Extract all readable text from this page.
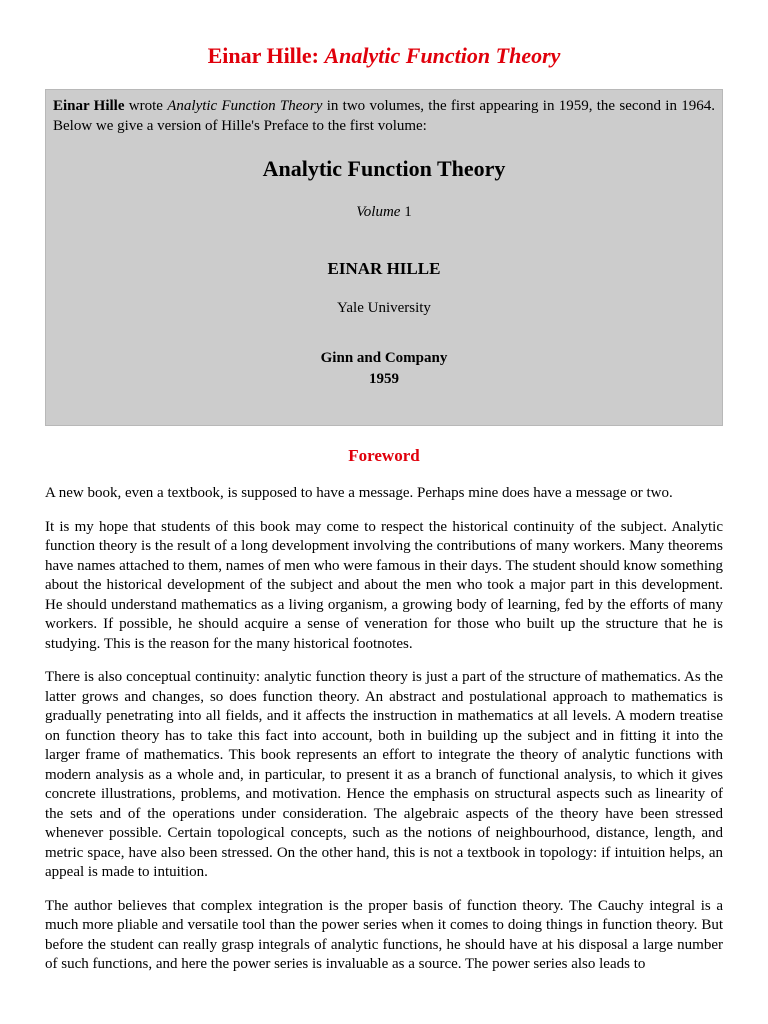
Einar Hille: Analytic Function Theory

Einar Hille wrote Analytic Function Theory in two volumes, the first appearing in 1959, the second in 1964. Below we give a version of Hille's Preface to the first volume:

Analytic Function Theory
Volume 1
EINAR HILLE
Yale University
Ginn and Company
1959
Foreword

A new book, even a textbook, is supposed to have a message. Perhaps mine does have a message or two.

It is my hope that students of this book may come to respect the historical continuity of the subject. Analytic function theory is the result of a long development involving the contributions of many workers. Many theorems have names attached to them, names of men who were famous in their days. The student should know something about the historical development of the subject and about the men who took a major part in this development. He should understand mathematics as a living organism, a growing body of learning, fed by the efforts of many workers. If possible, he should acquire a sense of veneration for those who built up the structure that he is studying. This is the reason for the many historical footnotes.

There is also conceptual continuity: analytic function theory is just a part of the structure of mathematics. As the latter grows and changes, so does function theory. An abstract and postulational approach to mathematics is gradually penetrating into all fields, and it affects the instruction in mathematics at all levels. A modern treatise on function theory has to take this fact into account, both in building up the subject and in fitting it into the larger frame of mathematics. This book represents an effort to integrate the theory of analytic functions with modern analysis as a whole and, in particular, to present it as a branch of functional analysis, to which it gives concrete illustrations, problems, and motivation. Hence the emphasis on structural aspects such as linearity of the sets and of the operations under consideration. The algebraic aspects of the theory have been stressed whenever possible. Certain topological concepts, such as the notions of neighbourhood, distance, length, and metric space, have also been stressed. On the other hand, this is not a textbook in topology: if intuition helps, an appeal is made to intuition.

The author believes that complex integration is the proper basis of function theory. The Cauchy integral is a much more pliable and versatile tool than the power series when it comes to doing things in function theory. But before the student can really grasp integrals of analytic functions, he should have at his disposal a large number of such functions, and here the power series is invaluable as a source. The power series also leads to
